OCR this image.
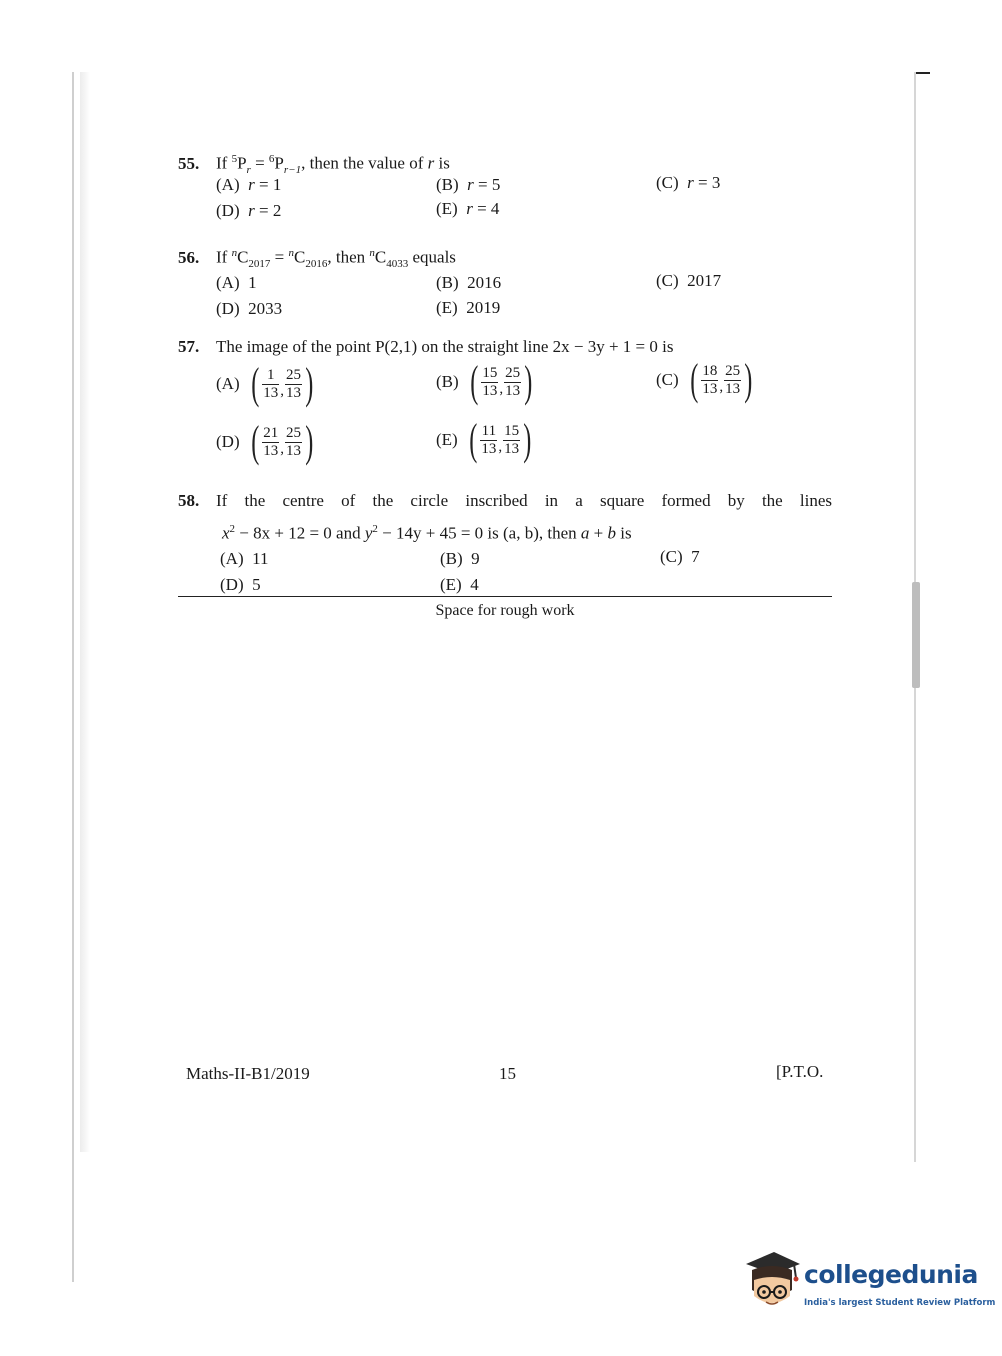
55. If $^5P_r = ^6P_{r-1}$, then the value of r is
(A) r = 1	(B) r = 5	(C) r = 3
(D) r = 2	(E) r = 4
56. If $^nC_{2017} = ^nC_{2016}$, then $^nC_{4033}$ equals
(A) 1	(B) 2016	(C) 2017
(D) 2033	(E) 2019
57. The image of the point P(2,1) on the straight line 2x − 3y + 1 = 0 is
(A) ( $\frac{1}{13}$ , $\frac{25}{13}$ )	(B) ( $\frac{15}{13}$ , $\frac{25}{13}$ )	(C) ( $\frac{18}{13}$ , $\frac{25}{13}$ )
(D) ( $\frac{21}{13}$ , $\frac{25}{13}$ )	(E) ( $\frac{11}{13}$ , $\frac{15}{13}$ )
58. If the centre of the circle inscribed in a square formed by the lines
$x^2 - 8x + 12 = 0$ and $y^2 - 14y + 45 = 0$ is (a, b), then a + b is
(A) 11	(B) 9	(C) 7
(D) 5	(E) 4
Space for rough work
Maths-II-B1/2019	15	[P.T.O.
collegedunia
India's largest Student Review Platform
